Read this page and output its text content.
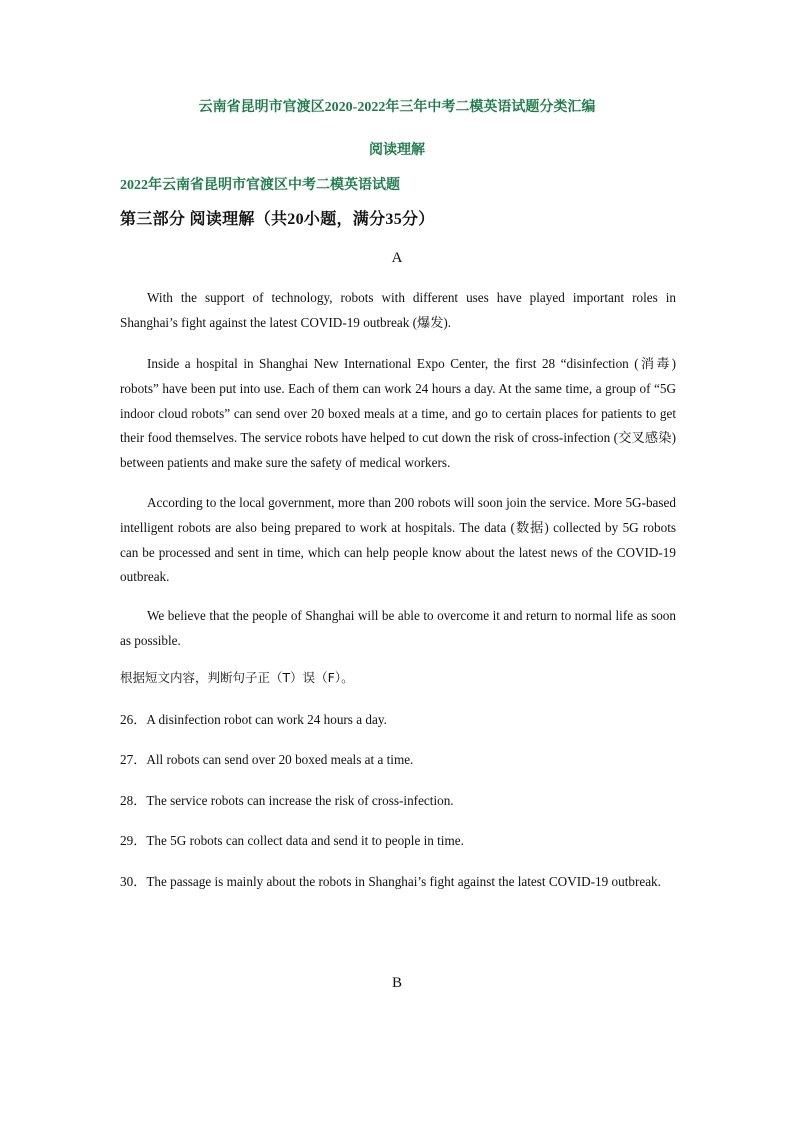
云南省昆明市官渡区2020-2022年三年中考二模英语试题分类汇编
阅读理解
2022年云南省昆明市官渡区中考二模英语试题
第三部分 阅读理解（共20小题，满分35分）
A

With the support of technology, robots with different uses have played important roles in Shanghai’s fight against the latest COVID-19 outbreak (爆发).

Inside a hospital in Shanghai New International Expo Center, the first 28 “disinfection (消毒) robots” have been put into use. Each of them can work 24 hours a day. At the same time, a group of “5G indoor cloud robots” can send over 20 boxed meals at a time, and go to certain places for patients to get their food themselves. The service robots have helped to cut down the risk of cross-infection (交叉感染) between patients and make sure the safety of medical workers.

According to the local government, more than 200 robots will soon join the service. More 5G-based intelligent robots are also being prepared to work at hospitals. The data (数据) collected by 5G robots can be processed and sent in time, which can help people know about the latest news of the COVID-19 outbreak.

We believe that the people of Shanghai will be able to overcome it and return to normal life as soon as possible.

根据短文内容，判断句子正（T）误（F）。
26．A disinfection robot can work 24 hours a day.
27．All robots can send over 20 boxed meals at a time.
28．The service robots can increase the risk of cross-infection.
29．The 5G robots can collect data and send it to people in time.
30．The passage is mainly about the robots in Shanghai’s fight against the latest COVID-19 outbreak.
B
